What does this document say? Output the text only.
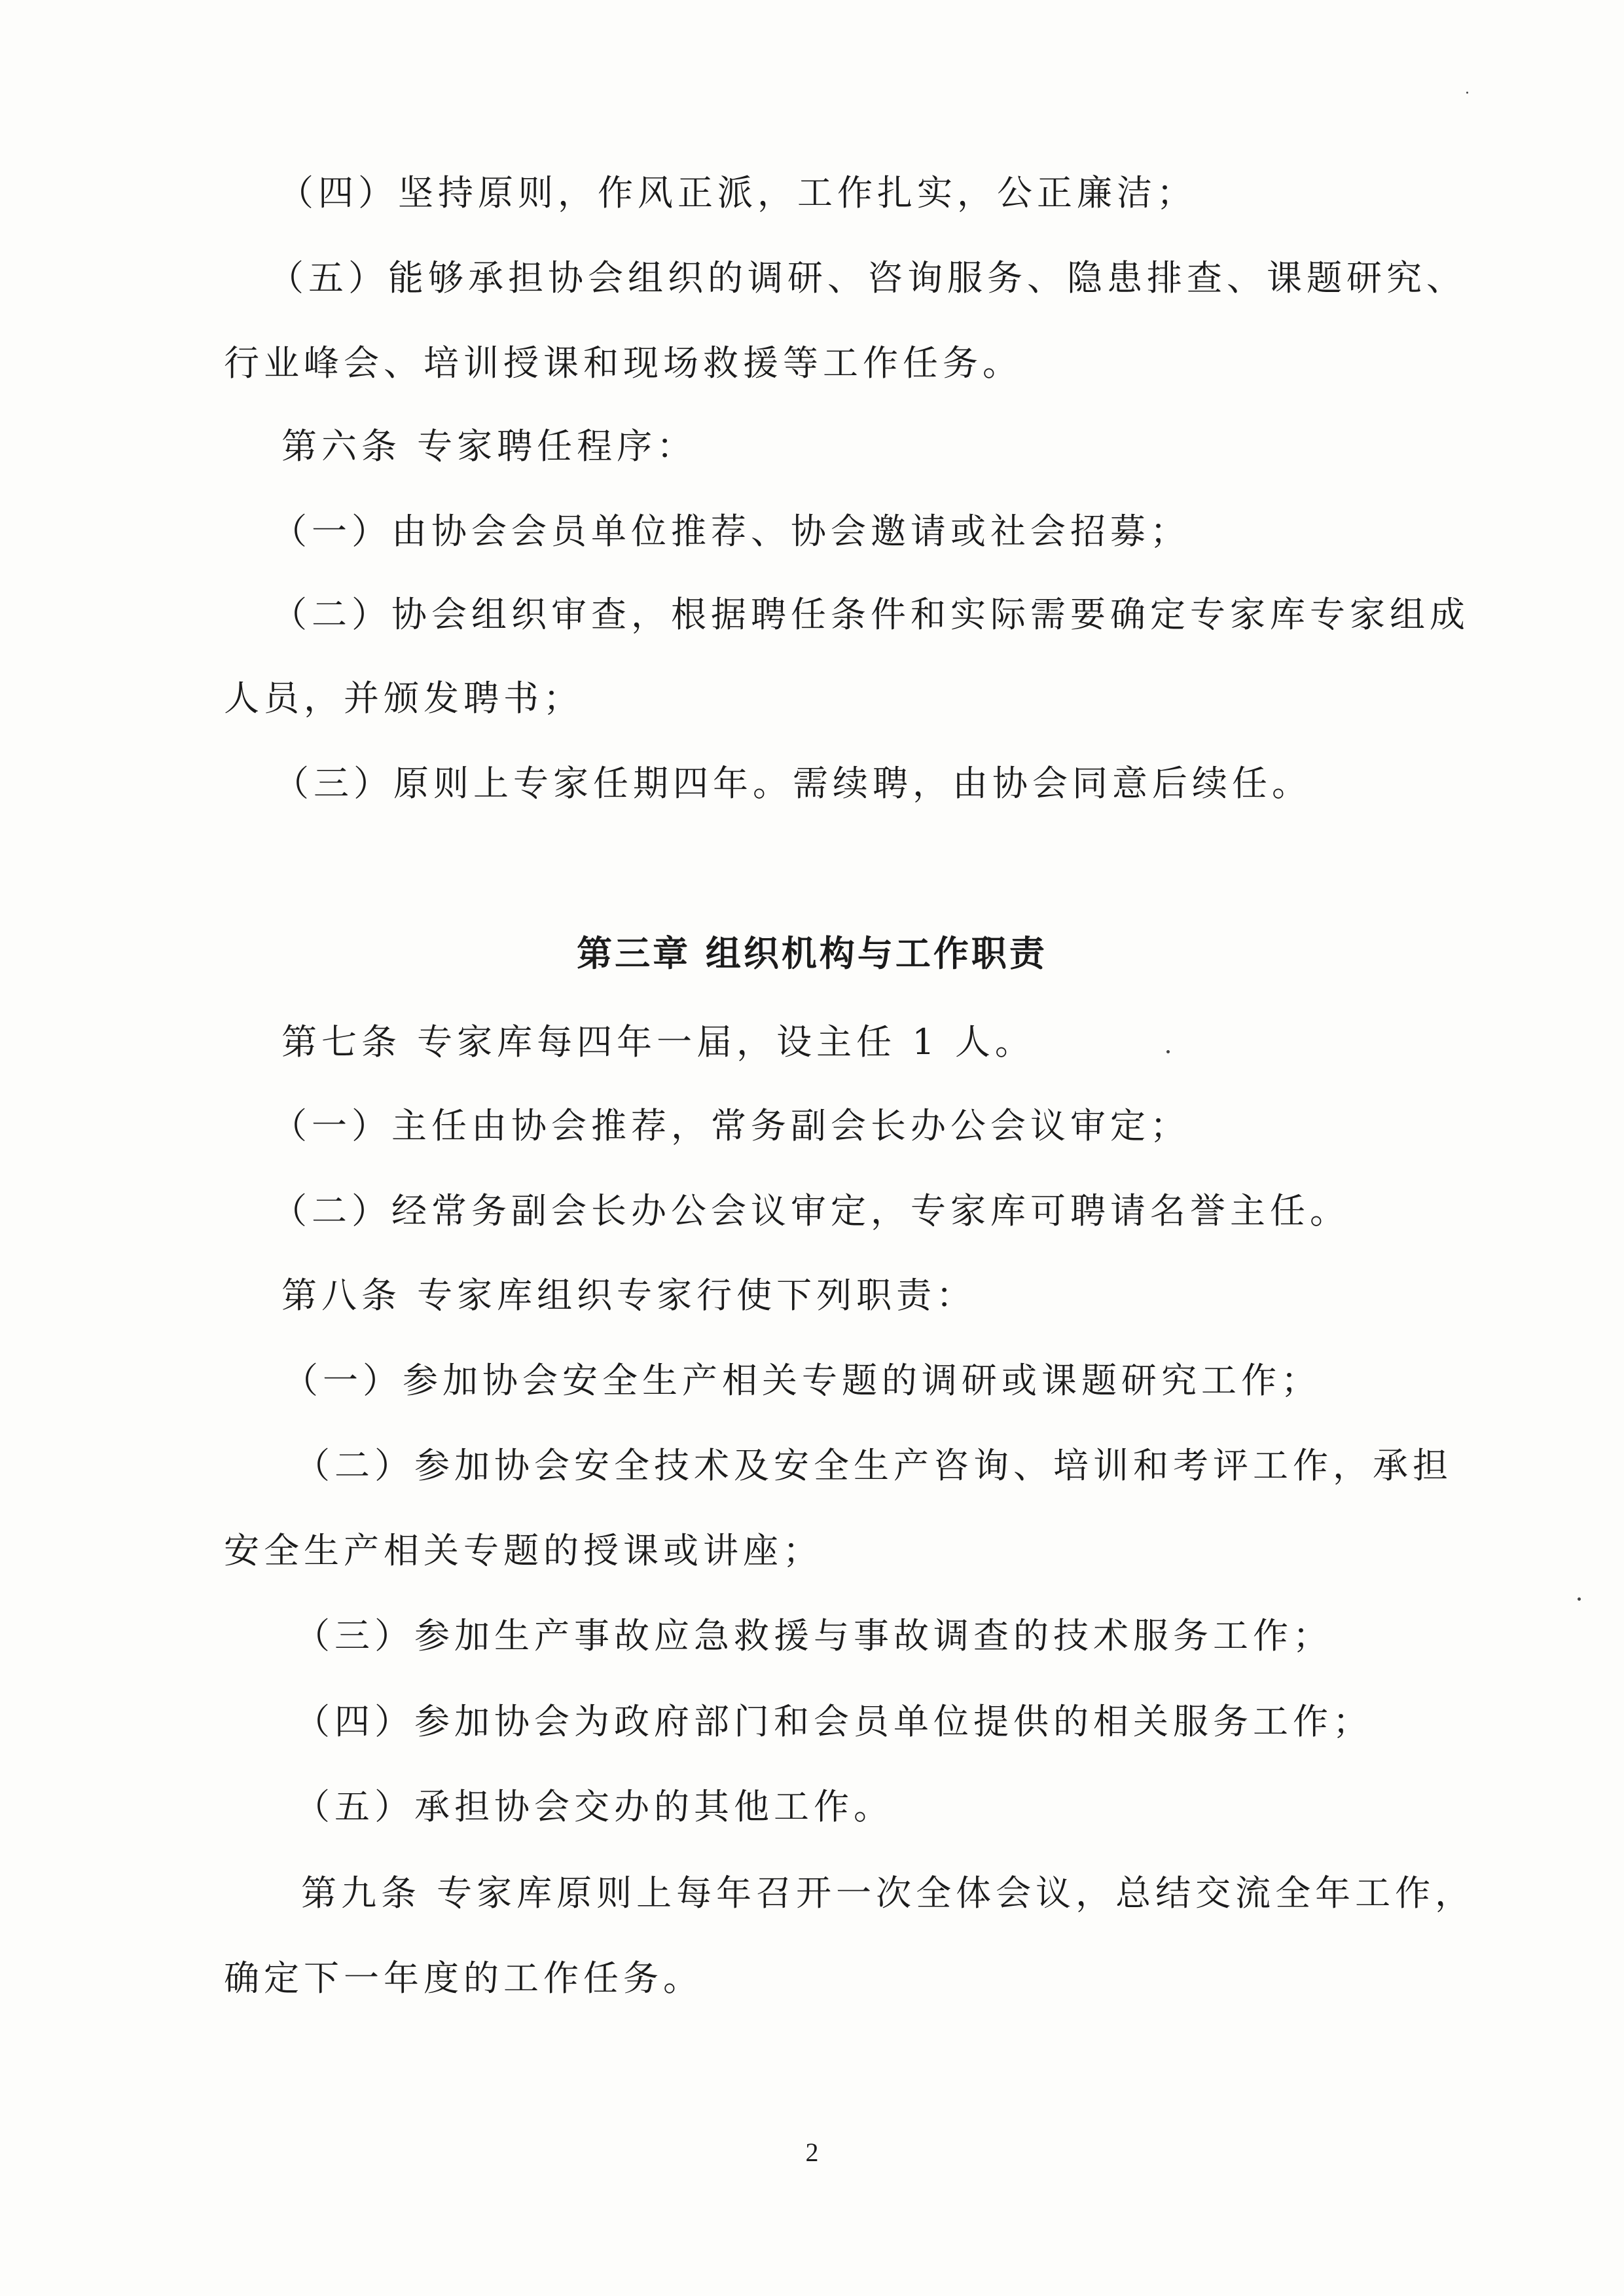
（四）坚持原则，作风正派，工作扎实，公正廉洁；
（五）能够承担协会组织的调研、咨询服务、隐患排查、课题研究、
行业峰会、培训授课和现场救援等工作任务。
第六条 专家聘任程序：
（一）由协会会员单位推荐、协会邀请或社会招募；
（二）协会组织审查，根据聘任条件和实际需要确定专家库专家组成
人员，并颁发聘书；
（三）原则上专家任期四年。需续聘，由协会同意后续任。
第三章 组织机构与工作职责
第七条 专家库每四年一届，设主任 1 人。
（一）主任由协会推荐，常务副会长办公会议审定；
（二）经常务副会长办公会议审定，专家库可聘请名誉主任。
第八条 专家库组织专家行使下列职责：
（一）参加协会安全生产相关专题的调研或课题研究工作；
（二）参加协会安全技术及安全生产咨询、培训和考评工作，承担
安全生产相关专题的授课或讲座；
（三）参加生产事故应急救援与事故调查的技术服务工作；
（四）参加协会为政府部门和会员单位提供的相关服务工作；
（五）承担协会交办的其他工作。
第九条 专家库原则上每年召开一次全体会议，总结交流全年工作，
确定下一年度的工作任务。
2
